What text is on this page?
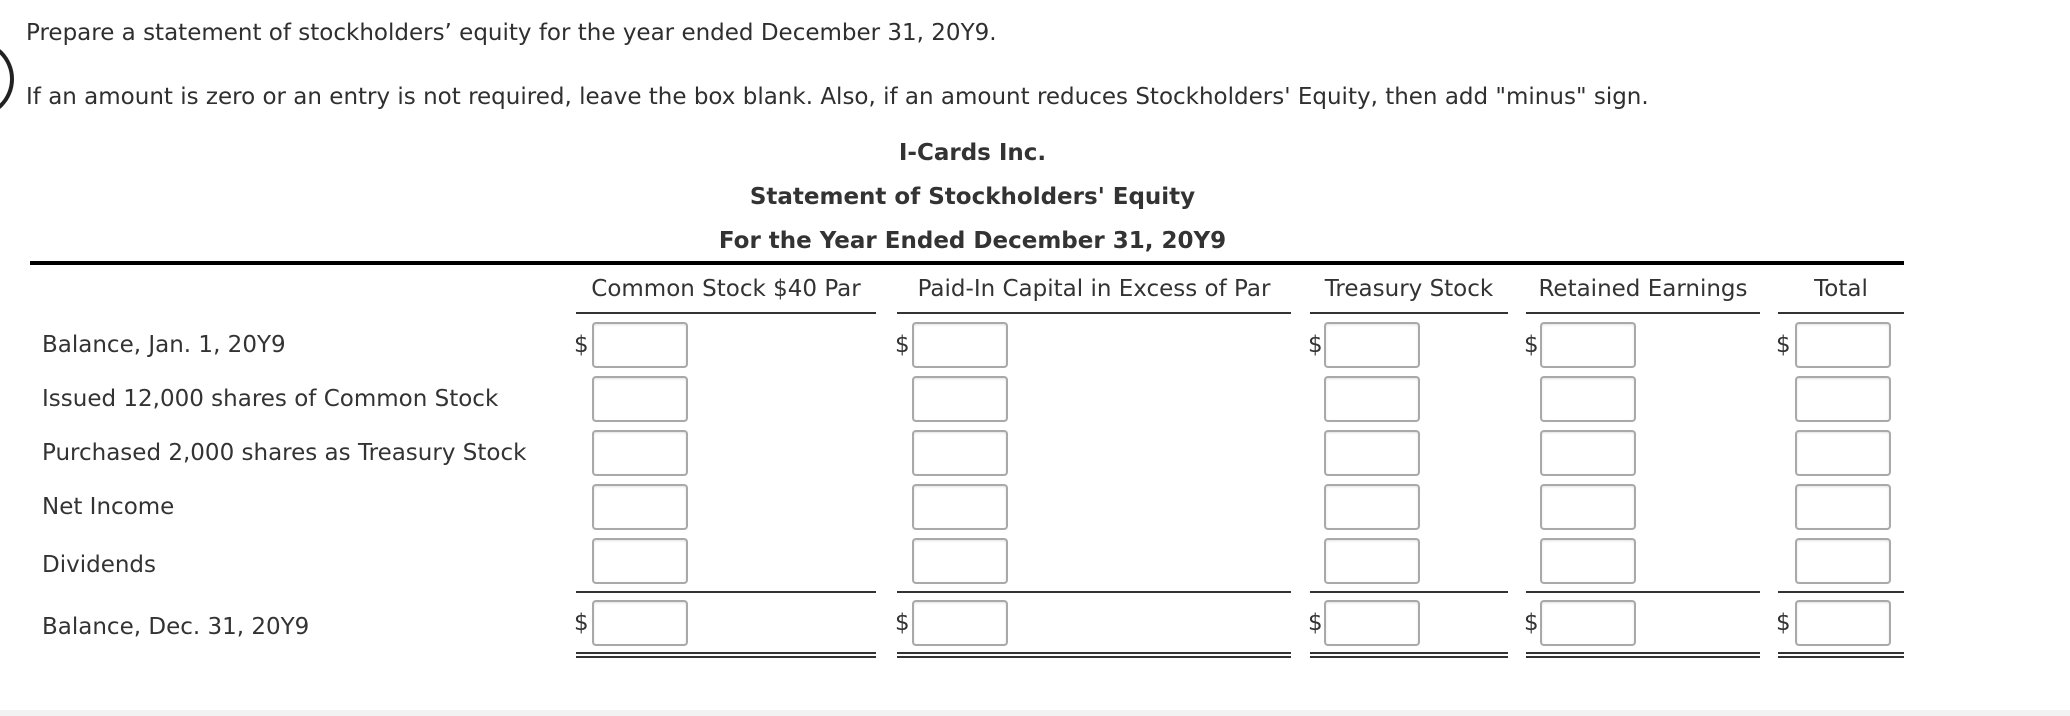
Prepare a statement of stockholders’ equity for the year ended December 31, 20Y9.
If an amount is zero or an entry is not required, leave the box blank. Also, if an amount reduces Stockholders' Equity, then add "minus" sign.
I-Cards Inc.
Statement of Stockholders' Equity
For the Year Ended December 31, 20Y9
Common Stock $40 Par	Paid-In Capital in Excess of Par	Treasury Stock	Retained Earnings	Total
Balance, Jan. 1, 20Y9	$	$	$	$	$
Issued 12,000 shares of Common Stock
Purchased 2,000 shares as Treasury Stock
Net Income
Dividends
Balance, Dec. 31, 20Y9	$	$	$	$	$
